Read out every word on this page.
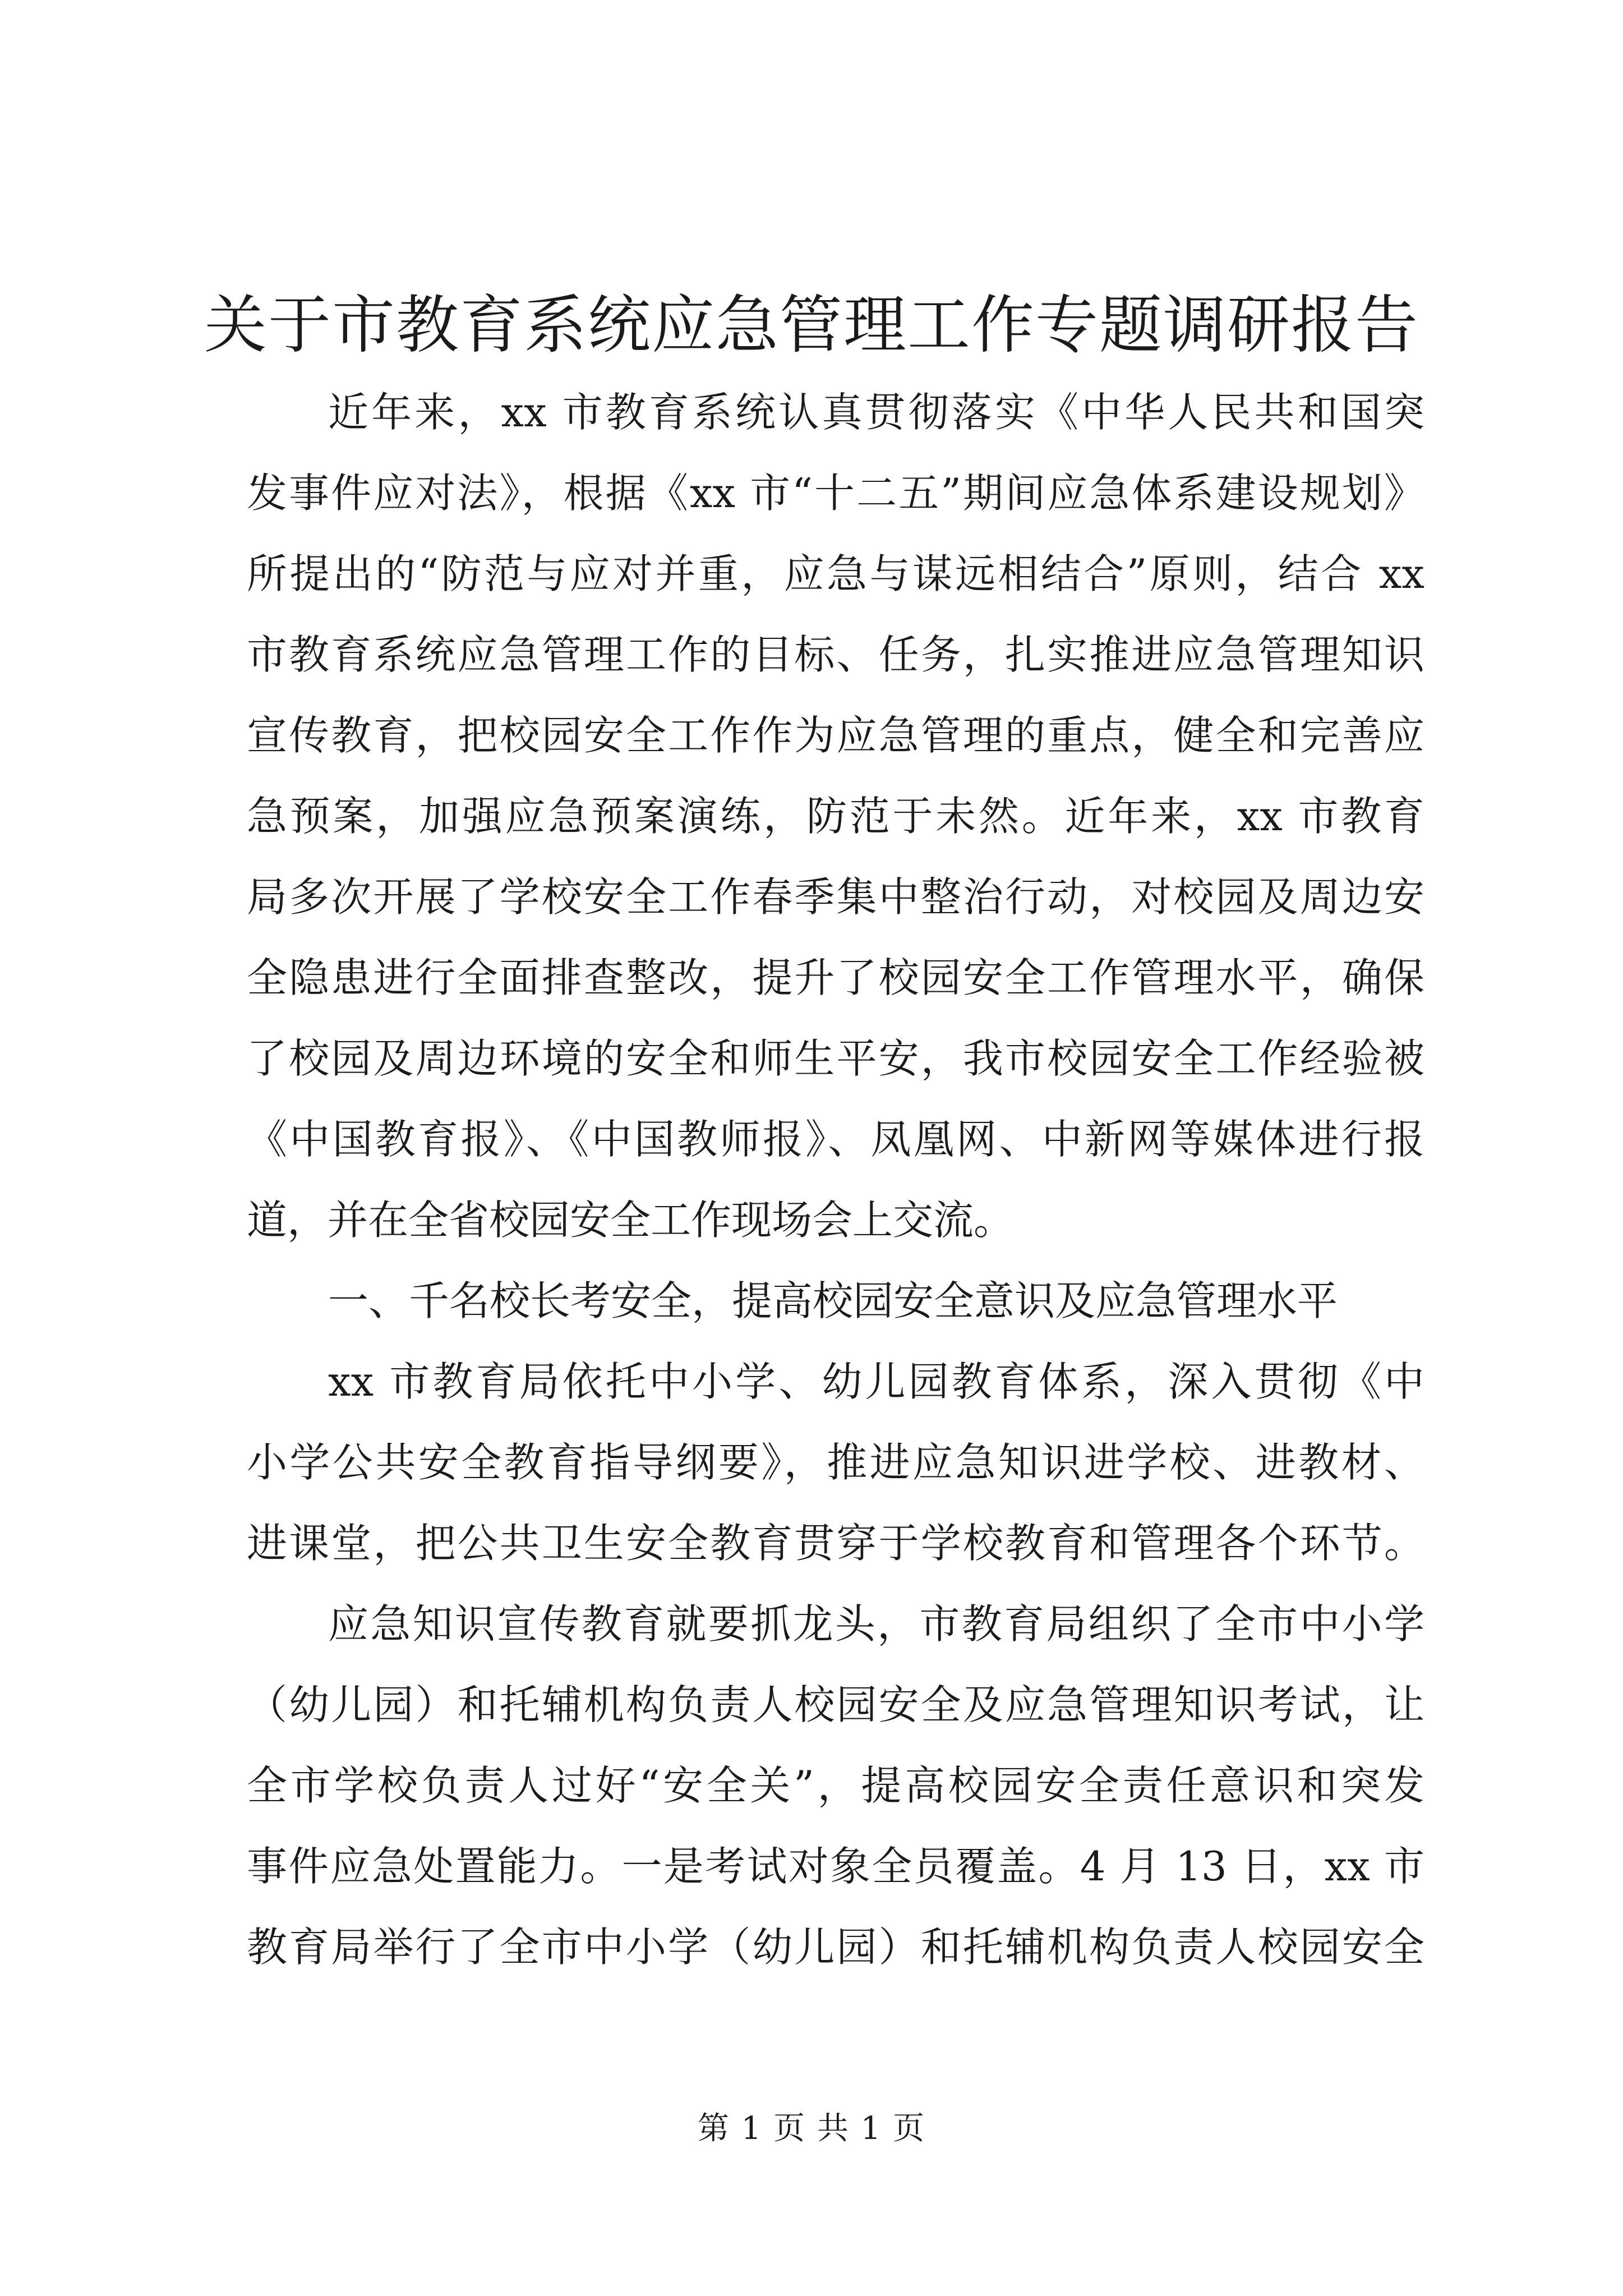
关于市教育系统应急管理工作专题调研报告

近年来，xx 市教育系统认真贯彻落实《中华人民共和国突

发事件应对法》，根据《xx 市“十二五”期间应急体系建设规划》

所提出的“防范与应对并重，应急与谋远相结合”原则，结合 xx

市教育系统应急管理工作的目标、任务，扎实推进应急管理知识

宣传教育，把校园安全工作作为应急管理的重点，健全和完善应

急预案，加强应急预案演练，防范于未然。近年来，xx 市教育

局多次开展了学校安全工作春季集中整治行动，对校园及周边安

全隐患进行全面排查整改，提升了校园安全工作管理水平，确保

了校园及周边环境的安全和师生平安，我市校园安全工作经验被

《中国教育报》、《中国教师报》、凤凰网、中新网等媒体进行报

道，并在全省校园安全工作现场会上交流。

一、千名校长考安全，提高校园安全意识及应急管理水平

xx 市教育局依托中小学、幼儿园教育体系，深入贯彻《中

小学公共安全教育指导纲要》，推进应急知识进学校、进教材、

进课堂，把公共卫生安全教育贯穿于学校教育和管理各个环节。

应急知识宣传教育就要抓龙头，市教育局组织了全市中小学

（幼儿园）和托辅机构负责人校园安全及应急管理知识考试，让

全市学校负责人过好“安全关”，提高校园安全责任意识和突发

事件应急处置能力。一是考试对象全员覆盖。4 月 13 日，xx 市

教育局举行了全市中小学（幼儿园）和托辅机构负责人校园安全

第 1 页 共 1 页
